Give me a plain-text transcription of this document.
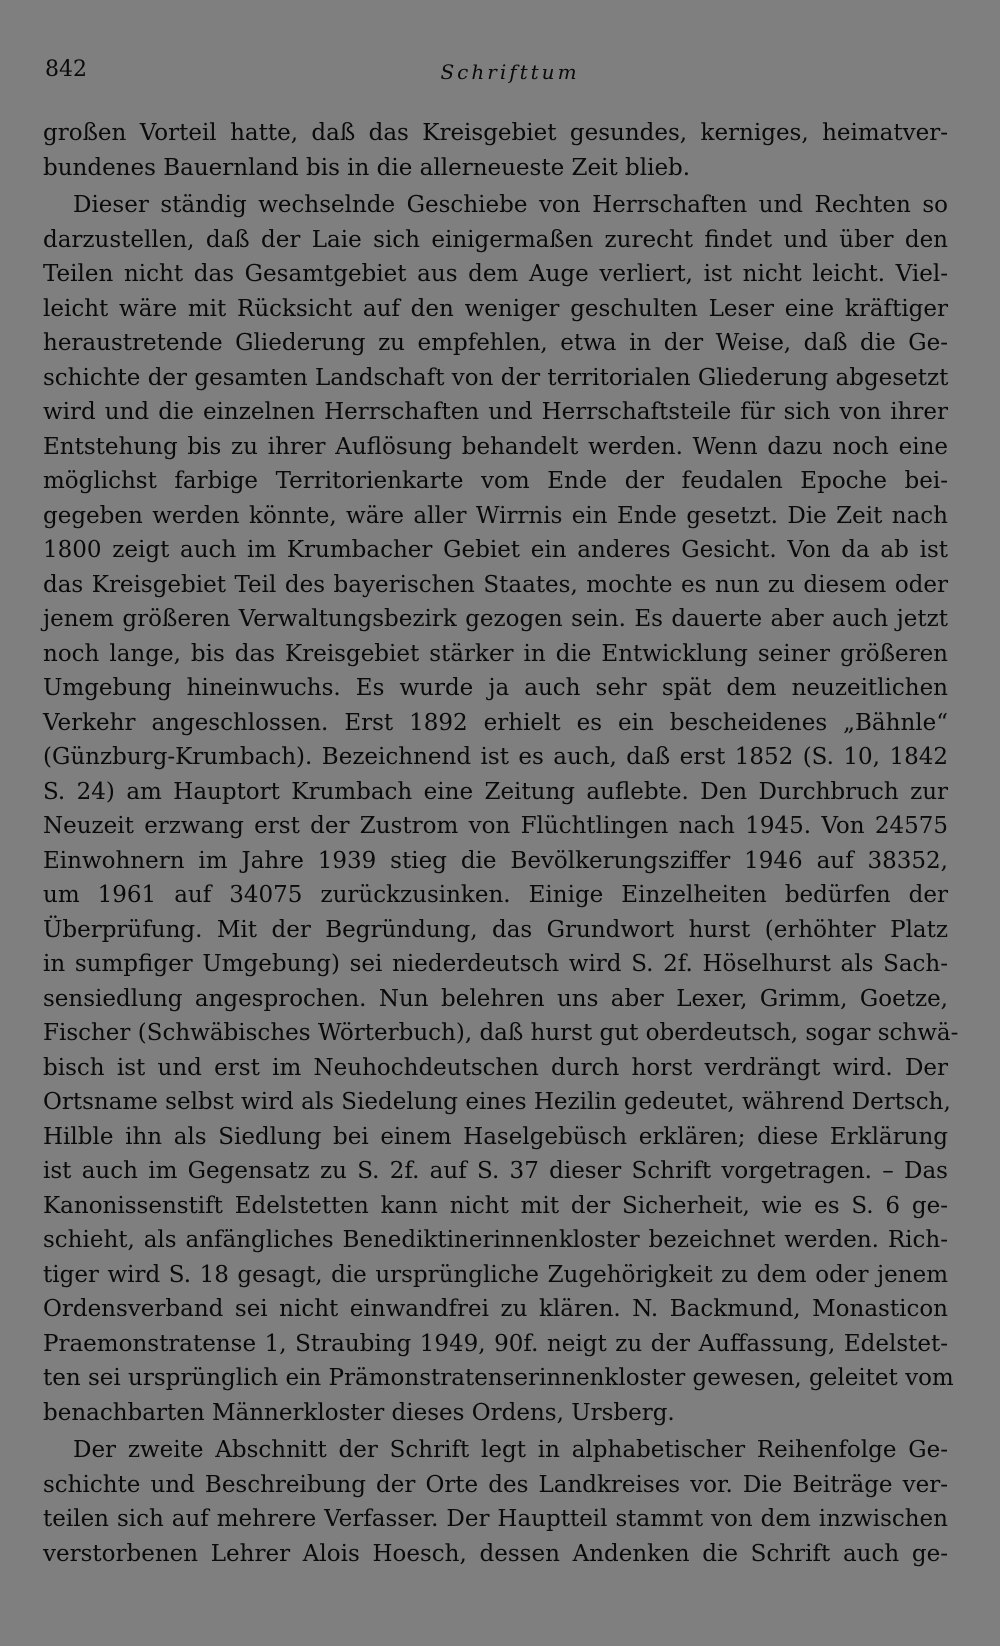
842	Schrifttum
großen Vorteil hatte, daß das Kreisgebiet gesundes, kerniges, heimatver-
bundenes Bauernland bis in die allerneueste Zeit blieb.
Dieser ständig wechselnde Geschiebe von Herrschaften und Rechten so
darzustellen, daß der Laie sich einigermaßen zurecht findet und über den
Teilen nicht das Gesamtgebiet aus dem Auge verliert, ist nicht leicht. Viel-
leicht wäre mit Rücksicht auf den weniger geschulten Leser eine kräftiger
heraustretende Gliederung zu empfehlen, etwa in der Weise, daß die Ge-
schichte der gesamten Landschaft von der territorialen Gliederung abgesetzt
wird und die einzelnen Herrschaften und Herrschaftsteile für sich von ihrer
Entstehung bis zu ihrer Auflösung behandelt werden. Wenn dazu noch eine
möglichst farbige Territorienkarte vom Ende der feudalen Epoche bei-
gegeben werden könnte, wäre aller Wirrnis ein Ende gesetzt. Die Zeit nach
1800 zeigt auch im Krumbacher Gebiet ein anderes Gesicht. Von da ab ist
das Kreisgebiet Teil des bayerischen Staates, mochte es nun zu diesem oder
jenem größeren Verwaltungsbezirk gezogen sein. Es dauerte aber auch jetzt
noch lange, bis das Kreisgebiet stärker in die Entwicklung seiner größeren
Umgebung hineinwuchs. Es wurde ja auch sehr spät dem neuzeitlichen
Verkehr angeschlossen. Erst 1892 erhielt es ein bescheidenes „Bähnle“
(Günzburg-Krumbach). Bezeichnend ist es auch, daß erst 1852 (S. 10, 1842
S. 24) am Hauptort Krumbach eine Zeitung auflebte. Den Durchbruch zur
Neuzeit erzwang erst der Zustrom von Flüchtlingen nach 1945. Von 24575
Einwohnern im Jahre 1939 stieg die Bevölkerungsziffer 1946 auf 38352,
um 1961 auf 34075 zurückzusinken. Einige Einzelheiten bedürfen der
Überprüfung. Mit der Begründung, das Grundwort hurst (erhöhter Platz
in sumpfiger Umgebung) sei niederdeutsch wird S. 2f. Höselhurst als Sach-
sensiedlung angesprochen. Nun belehren uns aber Lexer, Grimm, Goetze,
Fischer (Schwäbisches Wörterbuch), daß hurst gut oberdeutsch, sogar schwä-
bisch ist und erst im Neuhochdeutschen durch horst verdrängt wird. Der
Ortsname selbst wird als Siedelung eines Hezilin gedeutet, während Dertsch,
Hilble ihn als Siedlung bei einem Haselgebüsch erklären; diese Erklärung
ist auch im Gegensatz zu S. 2f. auf S. 37 dieser Schrift vorgetragen. – Das
Kanonissenstift Edelstetten kann nicht mit der Sicherheit, wie es S. 6 ge-
schieht, als anfängliches Benediktinerinnenkloster bezeichnet werden. Rich-
tiger wird S. 18 gesagt, die ursprüngliche Zugehörigkeit zu dem oder jenem
Ordensverband sei nicht einwandfrei zu klären. N. Backmund, Monasticon
Praemonstratense 1, Straubing 1949, 90f. neigt zu der Auffassung, Edelstet-
ten sei ursprünglich ein Prämonstratenserinnenkloster gewesen, geleitet vom
benachbarten Männerkloster dieses Ordens, Ursberg.
Der zweite Abschnitt der Schrift legt in alphabetischer Reihenfolge Ge-
schichte und Beschreibung der Orte des Landkreises vor. Die Beiträge ver-
teilen sich auf mehrere Verfasser. Der Hauptteil stammt von dem inzwischen
verstorbenen Lehrer Alois Hoesch, dessen Andenken die Schrift auch ge-
